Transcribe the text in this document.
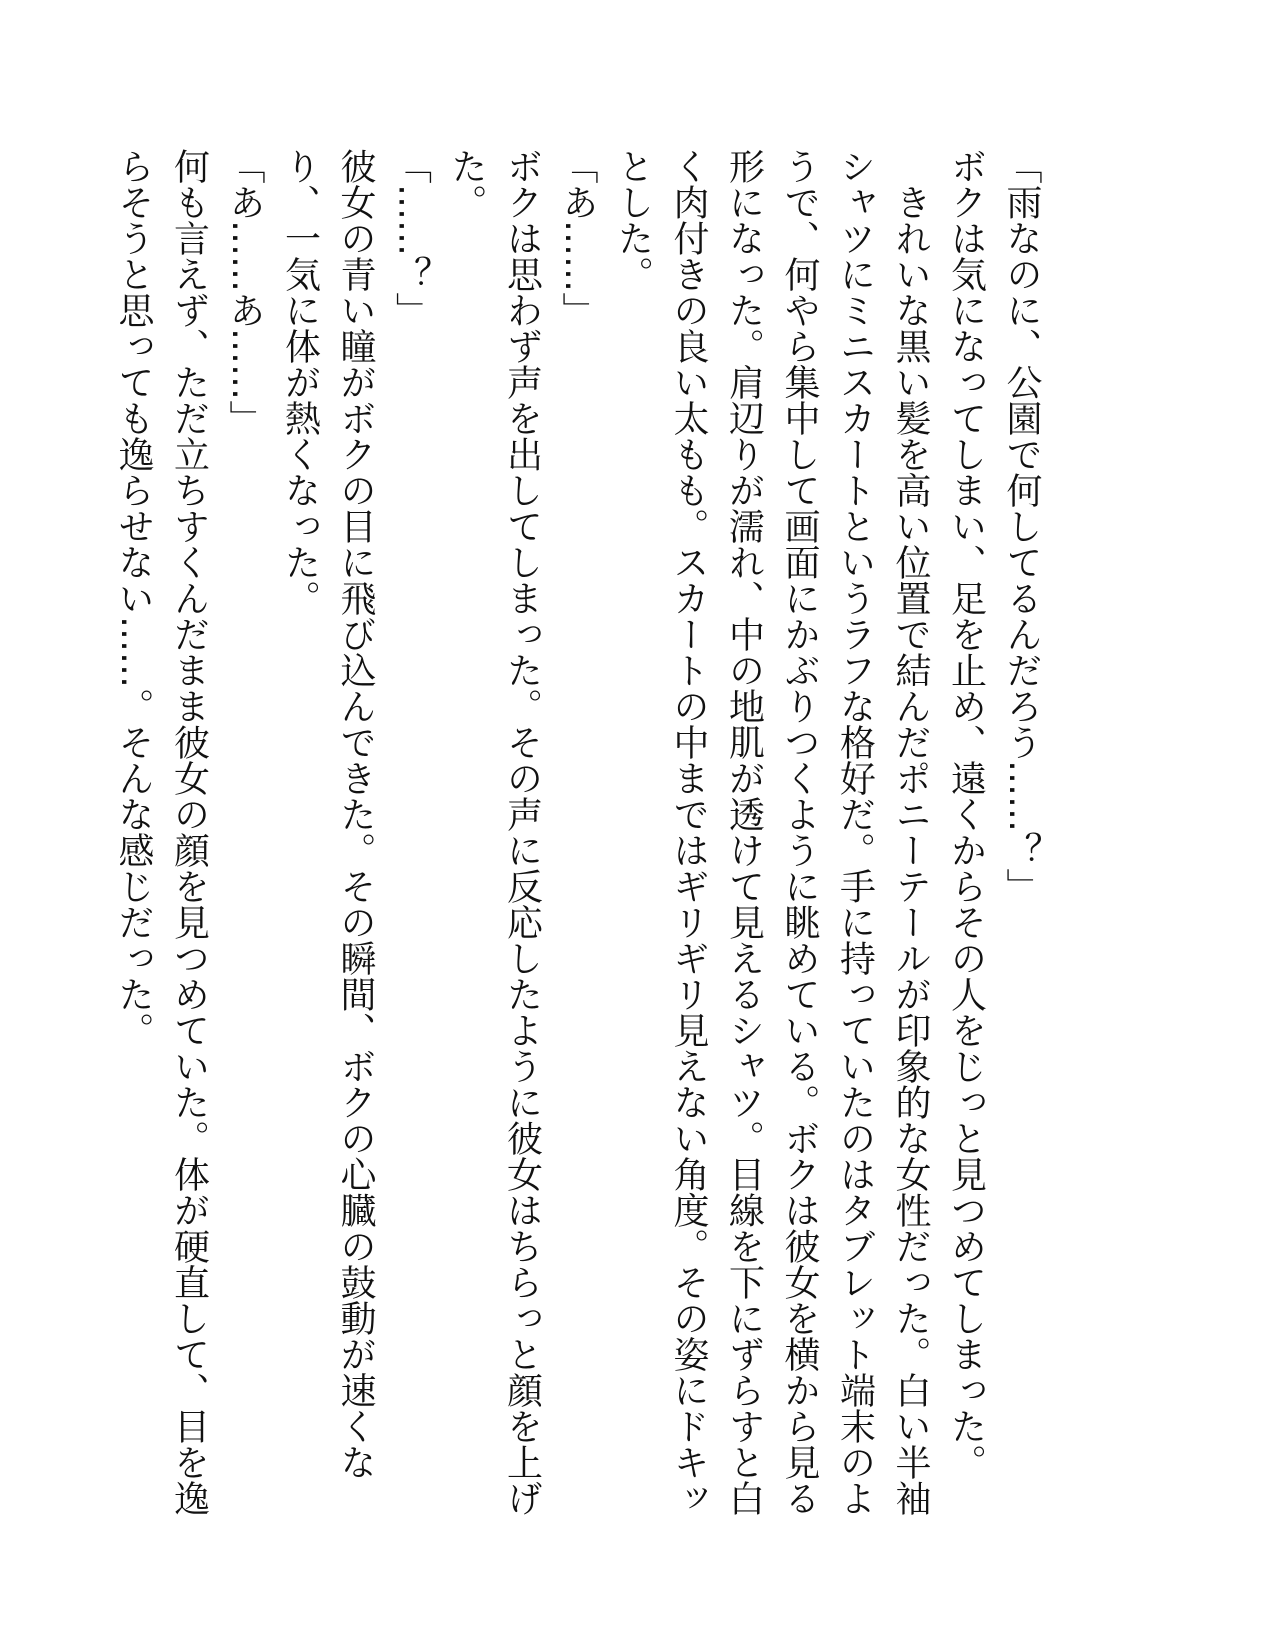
「雨なのに、公園で何してるんだろう……？」

ボクは気になってしまい、足を止め、遠くからその人をじっと見つめてしまった。

　きれいな黒い髪を高い位置で結んだポニーテールが印象的な女性だった。白い半袖シャツにミニスカートというラフな格好だ。手に持っていたのはタブレット端末のようで、何やら集中して画面にかぶりつくように眺めている。ボクは彼女を横から見る形になった。肩辺りが濡れ、中の地肌が透けて見えるシャツ。目線を下にずらすと白く肉付きの良い太もも。スカートの中まではギリギリ見えない角度。その姿にドキッとした。

「あ……」

ボクは思わず声を出してしまった。その声に反応したように彼女はちらっと顔を上げた。

「……？」

彼女の青い瞳がボクの目に飛び込んできた。その瞬間、ボクの心臓の鼓動が速くなり、一気に体が熱くなった。

「あ……あ……」

何も言えず、ただ立ちすくんだまま彼女の顔を見つめていた。体が硬直して、目を逸らそうと思っても逸らせない……。そんな感じだった。
